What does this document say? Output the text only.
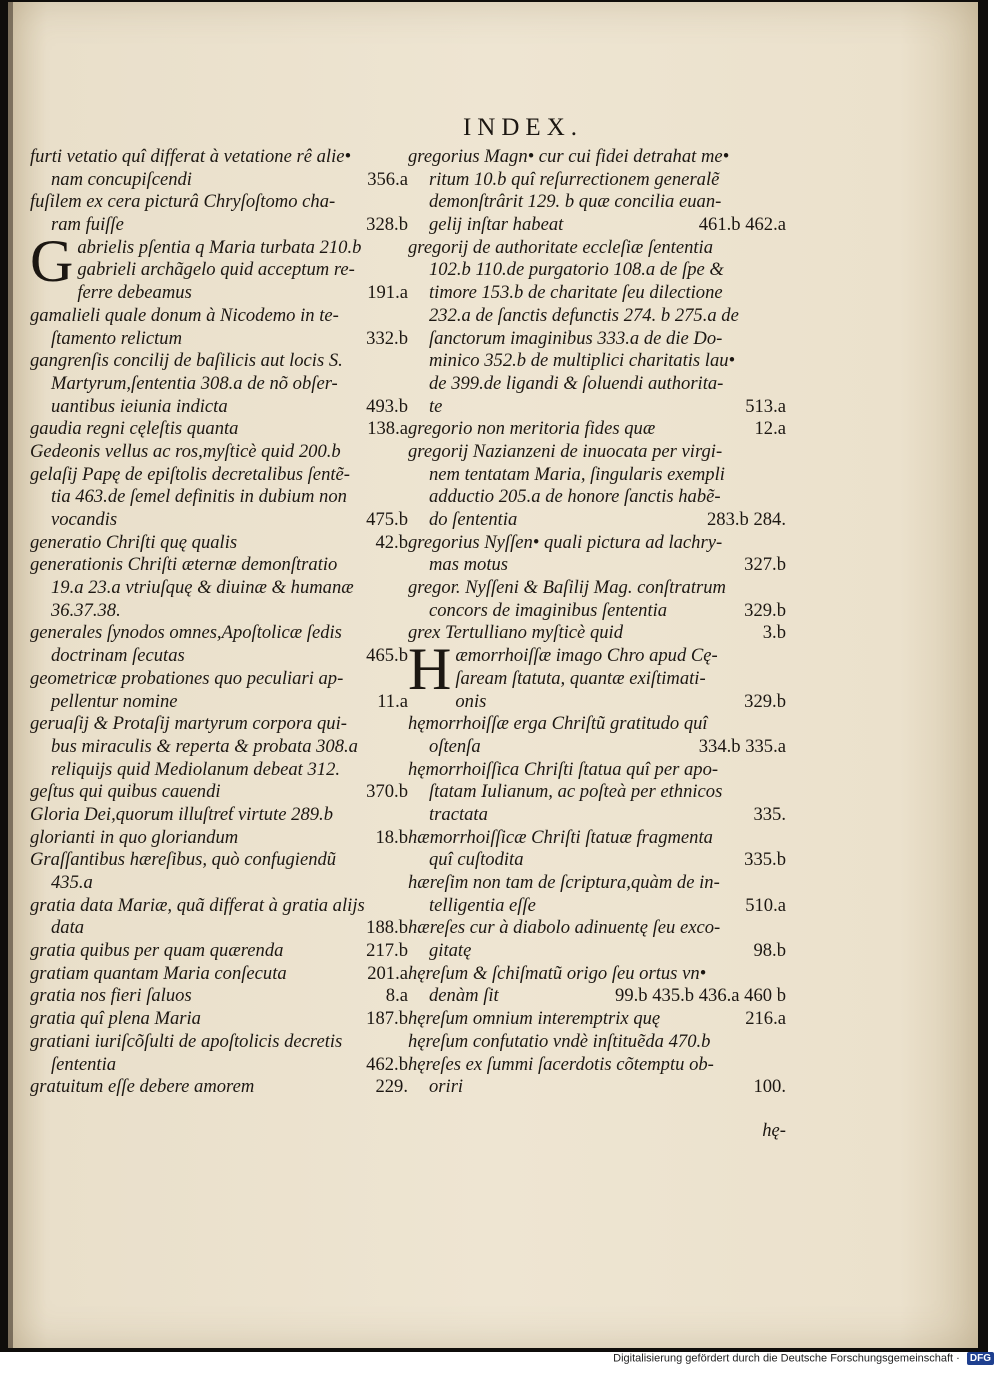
INDEX.
furti vetatio quî differat à vetatione rê alie•
nam concupiſcendi	356.a
fuſilem ex cera picturâ Chryſoſtomo cha-
ram fuiſſe	328.b
Gabrielis pſentia q Maria turbata 210.b
gabrieli archãgelo quid acceptum re-
ferre debeamus	191.a
gamalieli quale donum à Nicodemo in te-
ſtamento relictum	332.b
gangrenſis concilij de baſilicis aut locis S.
Martyrum,ſententia 308.a de nõ obſer-
uantibus ieiunia indicta	493.b
gaudia regni cęleſtis quanta	138.a
Gedeonis vellus ac ros,myſticè quid 200.b
gelaſij Papę de epiſtolis decretalibus ſentẽ-
tia 463.de ſemel definitis in dubium non
vocandis	475.b
generatio Chriſti quę qualis	42.b
generationis Chriſti æternæ demonſtratio
19.a 23.a vtriuſquę & diuinæ & humanæ
36.37.38.
generales ſynodos omnes,Apoſtolicæ ſedis
doctrinam ſecutas	465.b
geometricæ probationes quo peculiari ap-
pellentur nomine	11.a
geruaſij & Protaſij martyrum corpora qui-
bus miraculis & reperta & probata 308.a
reliquijs quid Mediolanum debeat 312.
geſtus qui quibus cauendi	370.b
Gloria Dei,quorum illuſtreƭ virtute 289.b
glorianti in quo gloriandum	18.b
Graſſantibus hæreſibus, quò confugiendũ
435.a
gratia data Mariæ, quã differat à gratia alijs
data	188.b
gratia quibus per quam quærenda	217.b
gratiam quantam Maria conſecuta	201.a
gratia nos fieri ſaluos	8.a
gratia quî plena Maria	187.b
gratiani iuriſcõſulti de apoſtolicis decretis
ſententia	462.b
gratuitum eſſe debere amorem	229.
gregorius Magn• cur cui fidei detrahat me•
ritum 10.b quî reſurrectionem generalẽ
demonſtrârit 129. b quæ concilia euan-
gelij inſtar habeat	461.b 462.a
gregorij de authoritate eccleſiæ ſententia
102.b 110.de purgatorio 108.a de ſpe &
timore 153.b de charitate ſeu dilectione
232.a de ſanctis defunctis 274. b 275.a de
ſanctorum imaginibus 333.a de die Do-
minico 352.b de multiplici charitatis lau•
de 399.de ligandi & ſoluendi authorita-
te	513.a
gregorio non meritoria fides quæ	12.a
gregorij Nazianzeni de inuocata per virgi-
nem tentatam Maria, ſingularis exempli
adductio 205.a de honore ſanctis habẽ-
do ſententia	283.b 284.
gregorius Nyſſen• quali pictura ad lachry-
mas motus	327.b
gregor. Nyſſeni & Baſilij Mag. conſtratrum
concors de imaginibus ſententia	329.b
grex Tertulliano myſticè quid	3.b
Hæmorrhoiſſæ imago Chro apud Cę-
ſaream ſtatuta, quantæ exiſtimati-
onis	329.b
hęmorrhoiſſæ erga Chriſtũ gratitudo quî
oſtenſa	334.b 335.a
hęmorrhoiſſica Chriſti ſtatua quî per apo-
ſtatam Iulianum, ac poſteà per ethnicos
tractata	335.
hæmorrhoiſſicæ Chriſti ſtatuæ fragmenta
quî cuſtodita	335.b
hæreſim non tam de ſcriptura,quàm de in-
telligentia eſſe	510.a
hæreſes cur à diabolo adinuentę ſeu exco-
gitatę	98.b
hęreſum & ſchiſmatũ origo ſeu ortus vn•
denàm ſit	99.b 435.b 436.a 460 b
hęreſum omnium interemptrix quę	216.a
hęreſum confutatio vndè inſtituẽda 470.b
hęreſes ex ſummi ſacerdotis cõtemptu ob-
oriri	100.
hę-
Digitalisierung gefördert durch die Deutsche Forschungsgemeinschaft · DFG
